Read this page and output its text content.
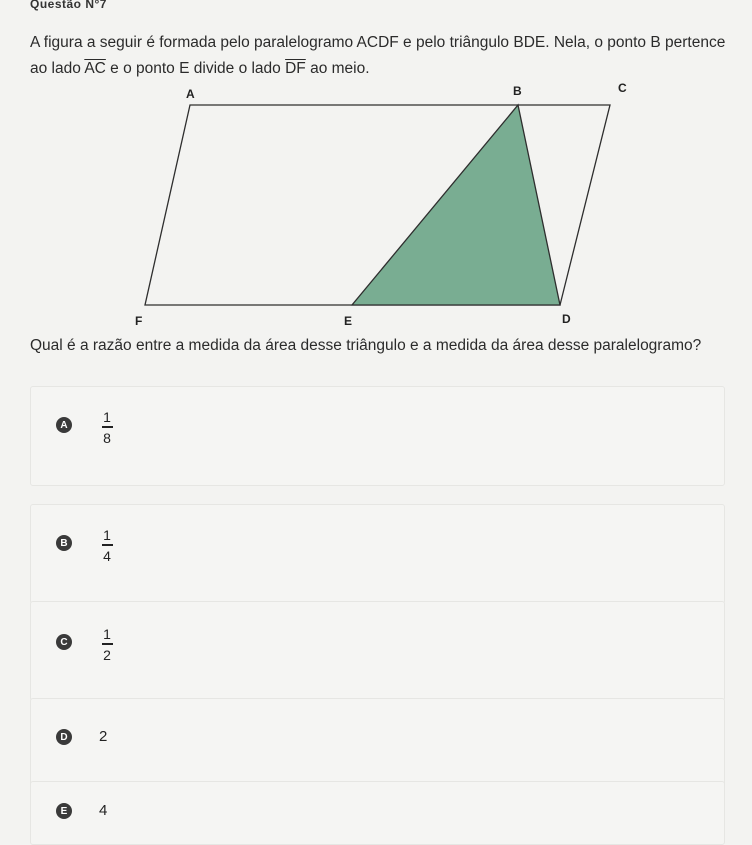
Questão N°7
A figura a seguir é formada pelo paralelogramo ACDF e pelo triângulo BDE. Nela, o ponto B pertence ao lado $\overline{AC}$ e o ponto E divide o lado $\overline{DF}$ ao meio.
A	B	C
D
E
F
Qual é a razão entre a medida da área desse triângulo e a medida da área desse paralelogramo?
A	1
8
B	1
4
C	1
2
D 2
E	4
